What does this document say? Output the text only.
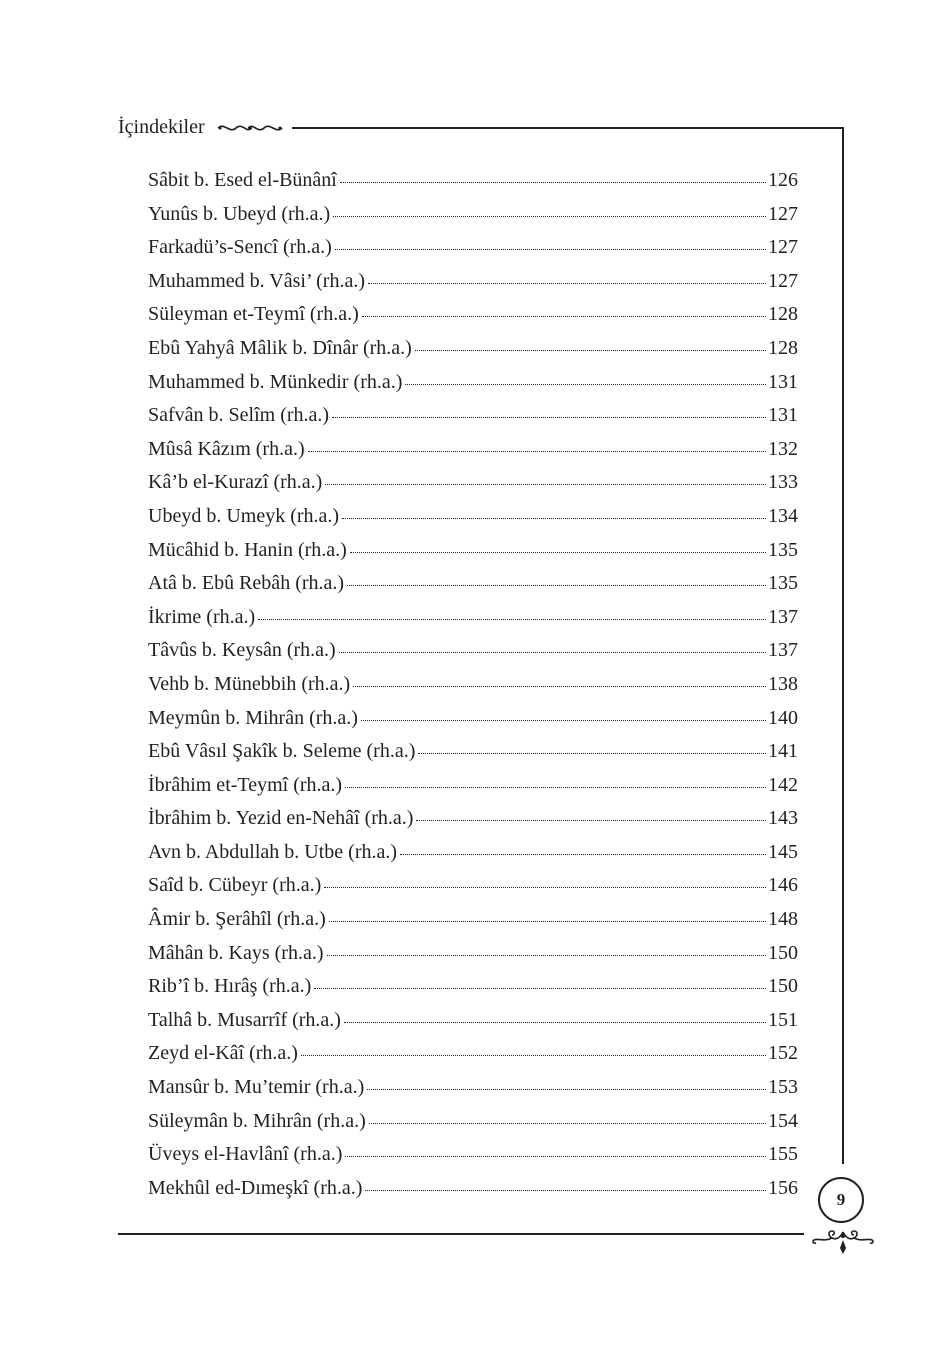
İçindekiler
Sâbit b. Esed el-Bünânî	126
Yunûs b. Ubeyd (rh.a.)	127
Farkadü’s-Sencî (rh.a.)	127
Muhammed b. Vâsi’ (rh.a.)	127
Süleyman et-Teymî (rh.a.)	128
Ebû Yahyâ Mâlik b. Dînâr (rh.a.)	128
Muhammed b. Münkedir (rh.a.)	131
Safvân b. Selîm (rh.a.)	131
Mûsâ Kâzım (rh.a.)	132
Kâ’b el-Kurazî (rh.a.)	133
Ubeyd b. Umeyk (rh.a.)	134
Mücâhid b. Hanin (rh.a.)	135
Atâ b. Ebû Rebâh (rh.a.)	135
İkrime (rh.a.)	137
Tâvûs b. Keysân (rh.a.)	137
Vehb b. Münebbih (rh.a.)	138
Meymûn b. Mihrân (rh.a.)	140
Ebû Vâsıl Şakîk b. Seleme (rh.a.)	141
İbrâhim et-Teymî (rh.a.)	142
İbrâhim b. Yezid en-Nehâî (rh.a.)	143
Avn b. Abdullah b. Utbe (rh.a.)	145
Saîd b. Cübeyr (rh.a.)	146
Âmir b. Şerâhîl (rh.a.)	148
Mâhân b. Kays (rh.a.)	150
Rib’î b. Hırâş (rh.a.)	150
Talhâ b. Musarrîf (rh.a.)	151
Zeyd el-Kâî (rh.a.)	152
Mansûr b. Mu’temir (rh.a.)	153
Süleymân b. Mihrân (rh.a.)	154
Üveys el-Havlânî (rh.a.)	155
Mekhûl ed-Dımeşkî (rh.a.)	156
9
